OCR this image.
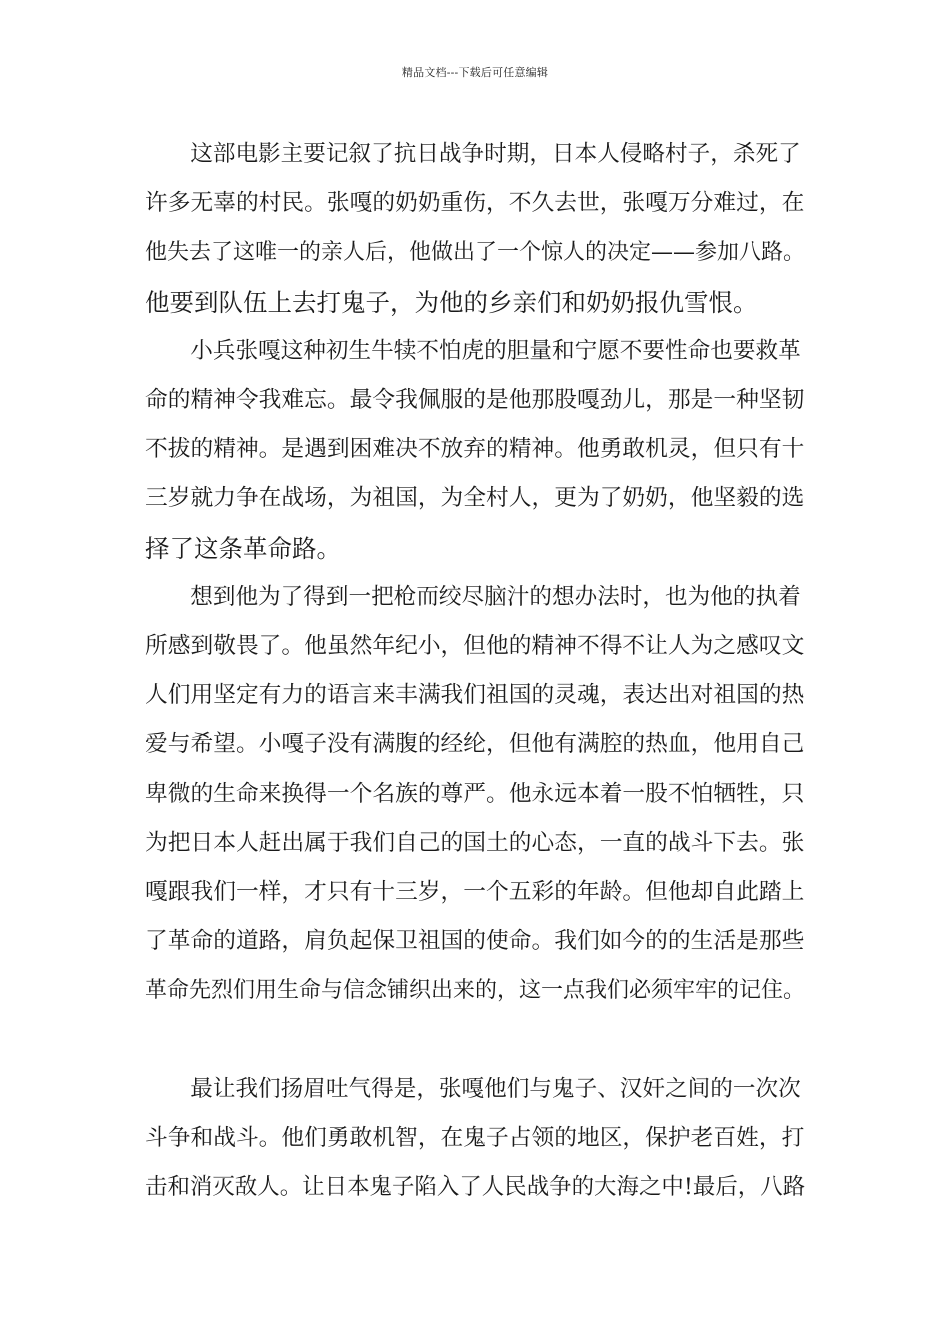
精品文档---下载后可任意编辑

这部电影主要记叙了抗日战争时期，日本人侵略村子，杀死了
许多无辜的村民。张嘎的奶奶重伤，不久去世，张嘎万分难过，在
他失去了这唯一的亲人后，他做出了一个惊人的决定——参加八路。
他要到队伍上去打鬼子，为他的乡亲们和奶奶报仇雪恨。

小兵张嘎这种初生牛犊不怕虎的胆量和宁愿不要性命也要救革
命的精神令我难忘。最令我佩服的是他那股嘎劲儿，那是一种坚韧
不拔的精神。是遇到困难决不放弃的精神。他勇敢机灵，但只有十
三岁就力争在战场，为祖国，为全村人，更为了奶奶，他坚毅的选
择了这条革命路。

想到他为了得到一把枪而绞尽脑汁的想办法时，也为他的执着
所感到敬畏了。他虽然年纪小，但他的精神不得不让人为之感叹文
人们用坚定有力的语言来丰满我们祖国的灵魂，表达出对祖国的热
爱与希望。小嘎子没有满腹的经纶，但他有满腔的热血，他用自己
卑微的生命来换得一个名族的尊严。他永远本着一股不怕牺牲，只
为把日本人赶出属于我们自己的国土的心态，一直的战斗下去。张
嘎跟我们一样，才只有十三岁，一个五彩的年龄。但他却自此踏上
了革命的道路，肩负起保卫祖国的使命。我们如今的的生活是那些
革命先烈们用生命与信念铺织出来的，这一点我们必须牢牢的记住。

最让我们扬眉吐气得是，张嘎他们与鬼子、汉奸之间的一次次
斗争和战斗。他们勇敢机智，在鬼子占领的地区，保护老百姓，打
击和消灭敌人。让日本鬼子陷入了人民战争的大海之中!最后，八路
